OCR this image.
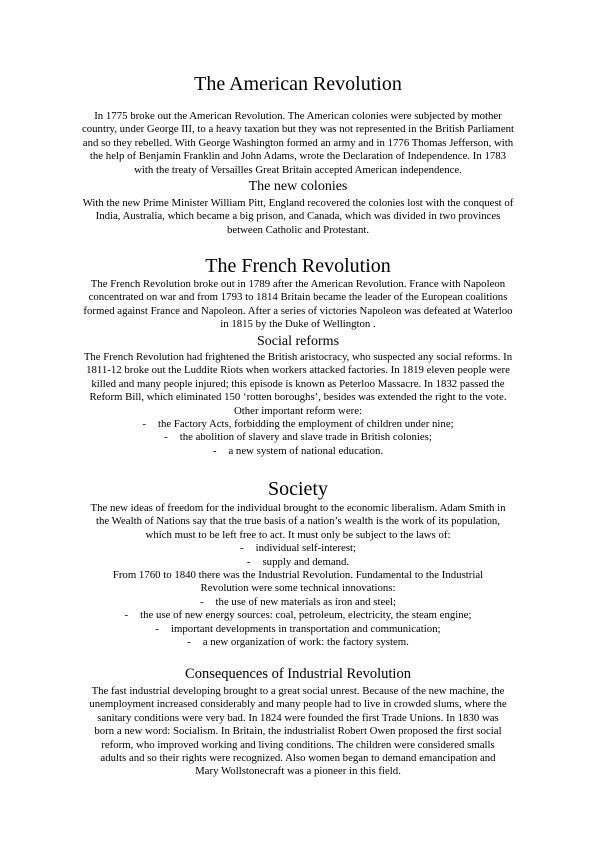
The American Revolution
In 1775 broke out the American Revolution. The American colonies were subjected by mother
country, under George III, to a heavy taxation but they was not represented in the British Parliament
and so they rebelled. With George Washington formed an army and in 1776 Thomas Jefferson, with
the help of Benjamin Franklin and John Adams, wrote the Declaration of Independence. In 1783
with the treaty of Versailles Great Britain accepted American independence.
The new colonies
With the new Prime Minister William Pitt, England recovered the colonies lost with the conquest of
India, Australia, which became a big prison, and Canada, which was divided in two provinces
between Catholic and Protestant.
The French Revolution
The French Revolution broke out in 1789 after the American Revolution. France with Napoleon
concentrated on war and from 1793 to 1814 Britain became the leader of the European coalitions
formed against France and Napoleon. After a series of victories Napoleon was defeated at Waterloo
in 1815 by the Duke of Wellington .
Social reforms
The French Revolution had frightened the British aristocracy, who suspected any social reforms. In
1811-12 broke out the Luddite Riots when workers attacked factories. In 1819 eleven people were
killed and many people injured; this episode is known as Peterloo Massacre. In 1832 passed the
Reform Bill, which eliminated 150 ‘rotten boroughs’, besides was extended the right to the vote.
Other important reform were:
- the Factory Acts, forbidding the employment of children under nine;
- the abolition of slavery and slave trade in British colonies;
- a new system of national education.
Society
The new ideas of freedom for the individual brought to the economic liberalism. Adam Smith in
the Wealth of Nations say that the true basis of a nation’s wealth is the work of its population,
which must to be left free to act. It must only be subject to the laws of:
- individual self-interest;
- supply and demand.
From 1760 to 1840 there was the Industrial Revolution. Fundamental to the Industrial
Revolution were some technical innovations:
- the use of new materials as iron and steel;
- the use of new energy sources: coal, petroleum, electricity, the steam engine;
- important developments in transportation and communication;
- a new organization of work: the factory system.
Consequences of Industrial Revolution
The fast industrial developing brought to a great social unrest. Because of the new machine, the
unemployment increased considerably and many people had to live in crowded slums, where the
sanitary conditions were very bad. In 1824 were founded the first Trade Unions. In 1830 was
born a new word: Socialism. In Britain, the industrialist Robert Owen proposed the first social
reform, who improved working and living conditions. The children were considered smalls
adults and so their rights were recognized. Also women began to demand emancipation and
Mary Wollstonecraft was a pioneer in this field.
